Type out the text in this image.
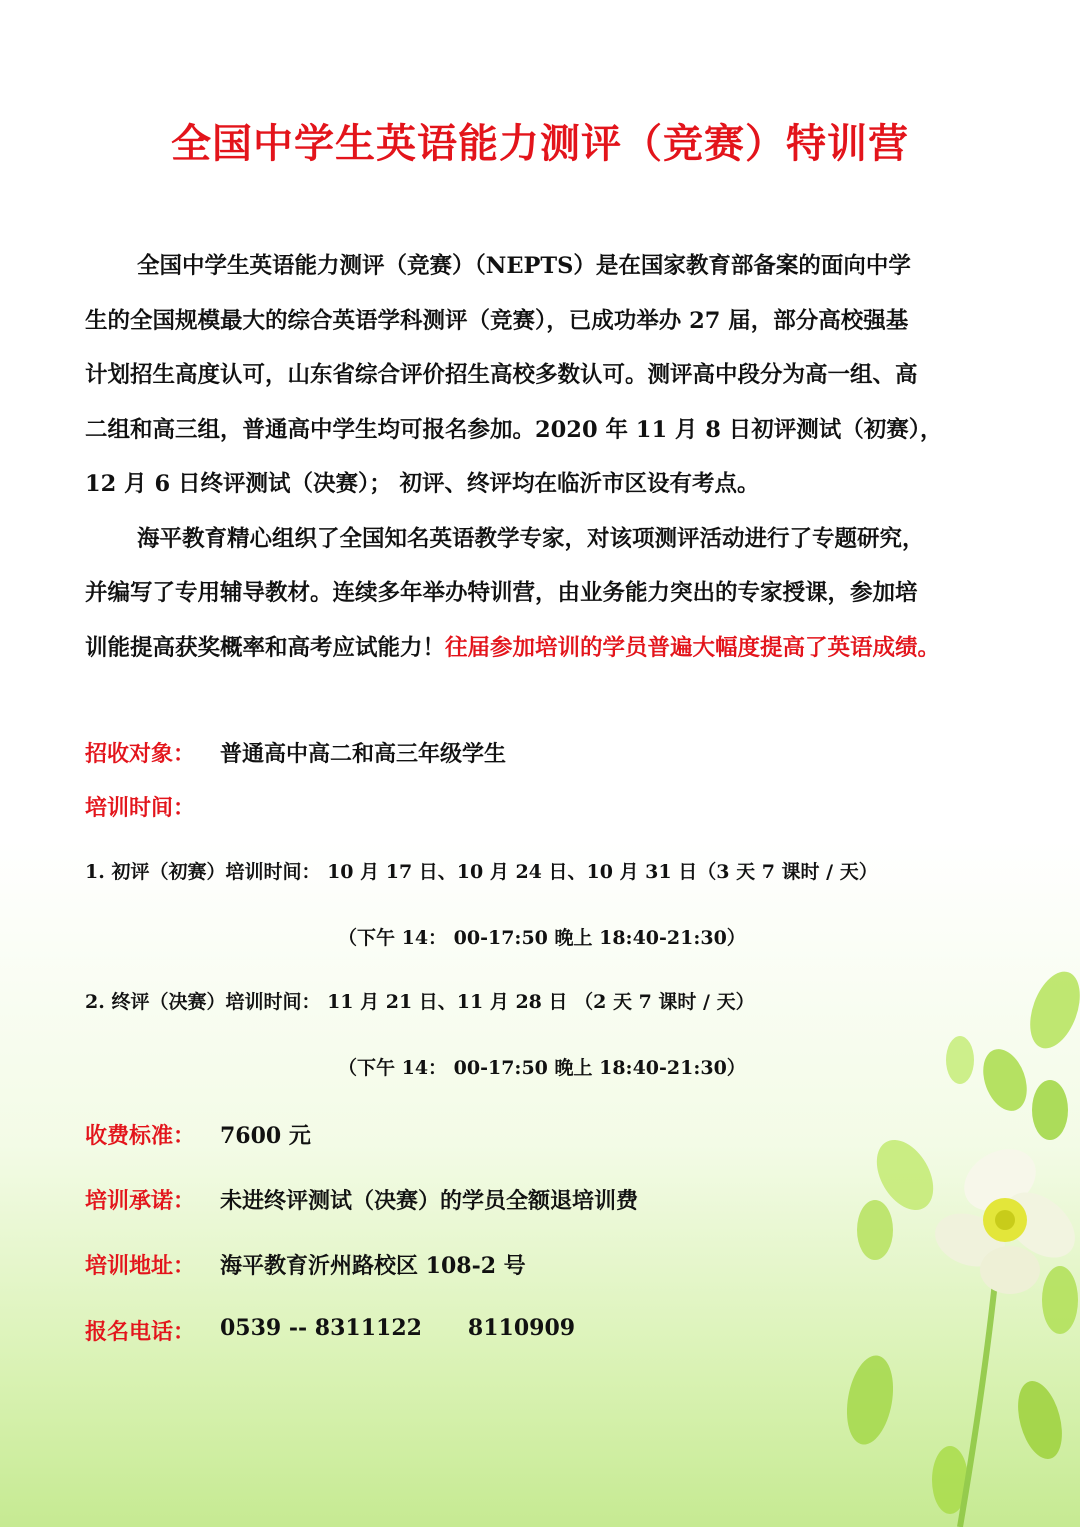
全国中学生英语能力测评（竞赛）特训营
全国中学生英语能力测评（竞赛）（NEPTS）是在国家教育部备案的面向中学
生的全国规模最大的综合英语学科测评（竞赛），已成功举办 27 届，部分高校强基
计划招生高度认可，山东省综合评价招生高校多数认可。测评高中段分为高一组、高
二组和高三组，普通高中学生均可报名参加。2020 年 11 月 8 日初评测试（初赛），
12 月 6 日终评测试（决赛）； 初评、终评均在临沂市区设有考点。
海平教育精心组织了全国知名英语教学专家，对该项测评活动进行了专题研究，
并编写了专用辅导教材。连续多年举办特训营，由业务能力突出的专家授课，参加培
训能提高获奖概率和高考应试能力！往届参加培训的学员普遍大幅度提高了英语成绩。
招收对象： 普通高中高二和高三年级学生
培训时间：
1. 初评（初赛）培训时间： 10 月 17 日、10 月 24 日、10 月 31 日（3 天 7 课时 / 天）
（下午 14： 00-17:50 晚上 18:40-21:30）
2. 终评（决赛）培训时间： 11 月 21 日、11 月 28 日 （2 天 7 课时 / 天）
（下午 14： 00-17:50 晚上 18:40-21:30）
收费标准： 7600 元
培训承诺： 未进终评测试（决赛）的学员全额退培训费
培训地址： 海平教育沂州路校区 108-2 号
报名电话： 0539 -- 8311122      8110909
